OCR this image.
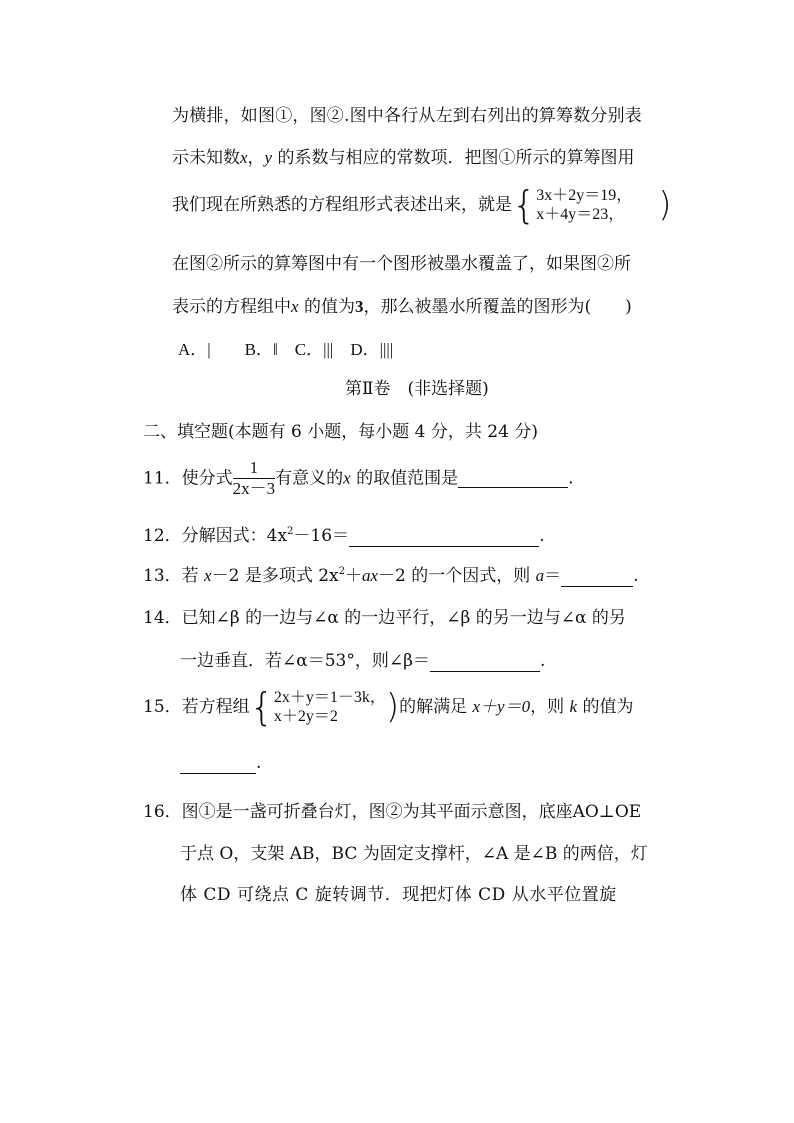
为横排，如图①，图②.图中各行从左到右列出的算筹数分别表
示未知数x，y 的系数与相应的常数项．把图①所示的算筹图用
我们现在所熟悉的方程组形式表述出来，就是{ 3x＋2y＝19，
x＋4y＝23， )
在图②所示的算筹图中有一个图形被墨水覆盖了，如果图②所
表示的方程组中x 的值为3，那么被墨水所覆盖的图形为(　　)
A．|　　B．‖　C．|||　D．||||
第Ⅱ卷　(非选择题)
二、填空题(本题有 6 小题，每小题 4 分，共 24 分)
11．使分式 $\frac{1}{2x-3}$ 有意义的x 的取值范围是	.
12．分解因式：$4x^2-16=$	.
13．若 x－2 是多项式 $2x^2+ax-2$ 的一个因式，则 a＝	.
14．已知∠β 的一边与∠α 的一边平行，∠β 的另一边与∠α 的另
一边垂直．若∠α＝53°，则∠β＝	.
15．若方程组{ 2x＋y＝1－3k，
x＋2y＝2	)的解满足 x＋y＝0，则 k 的值为
.
16．图①是一盏可折叠台灯，图②为其平面示意图，底座AO⊥OE
于点 O，支架 AB，BC 为固定支撑杆，∠A 是∠B 的两倍，灯
体 CD 可绕点 C 旋转调节．现把灯体 CD 从水平位置旋
